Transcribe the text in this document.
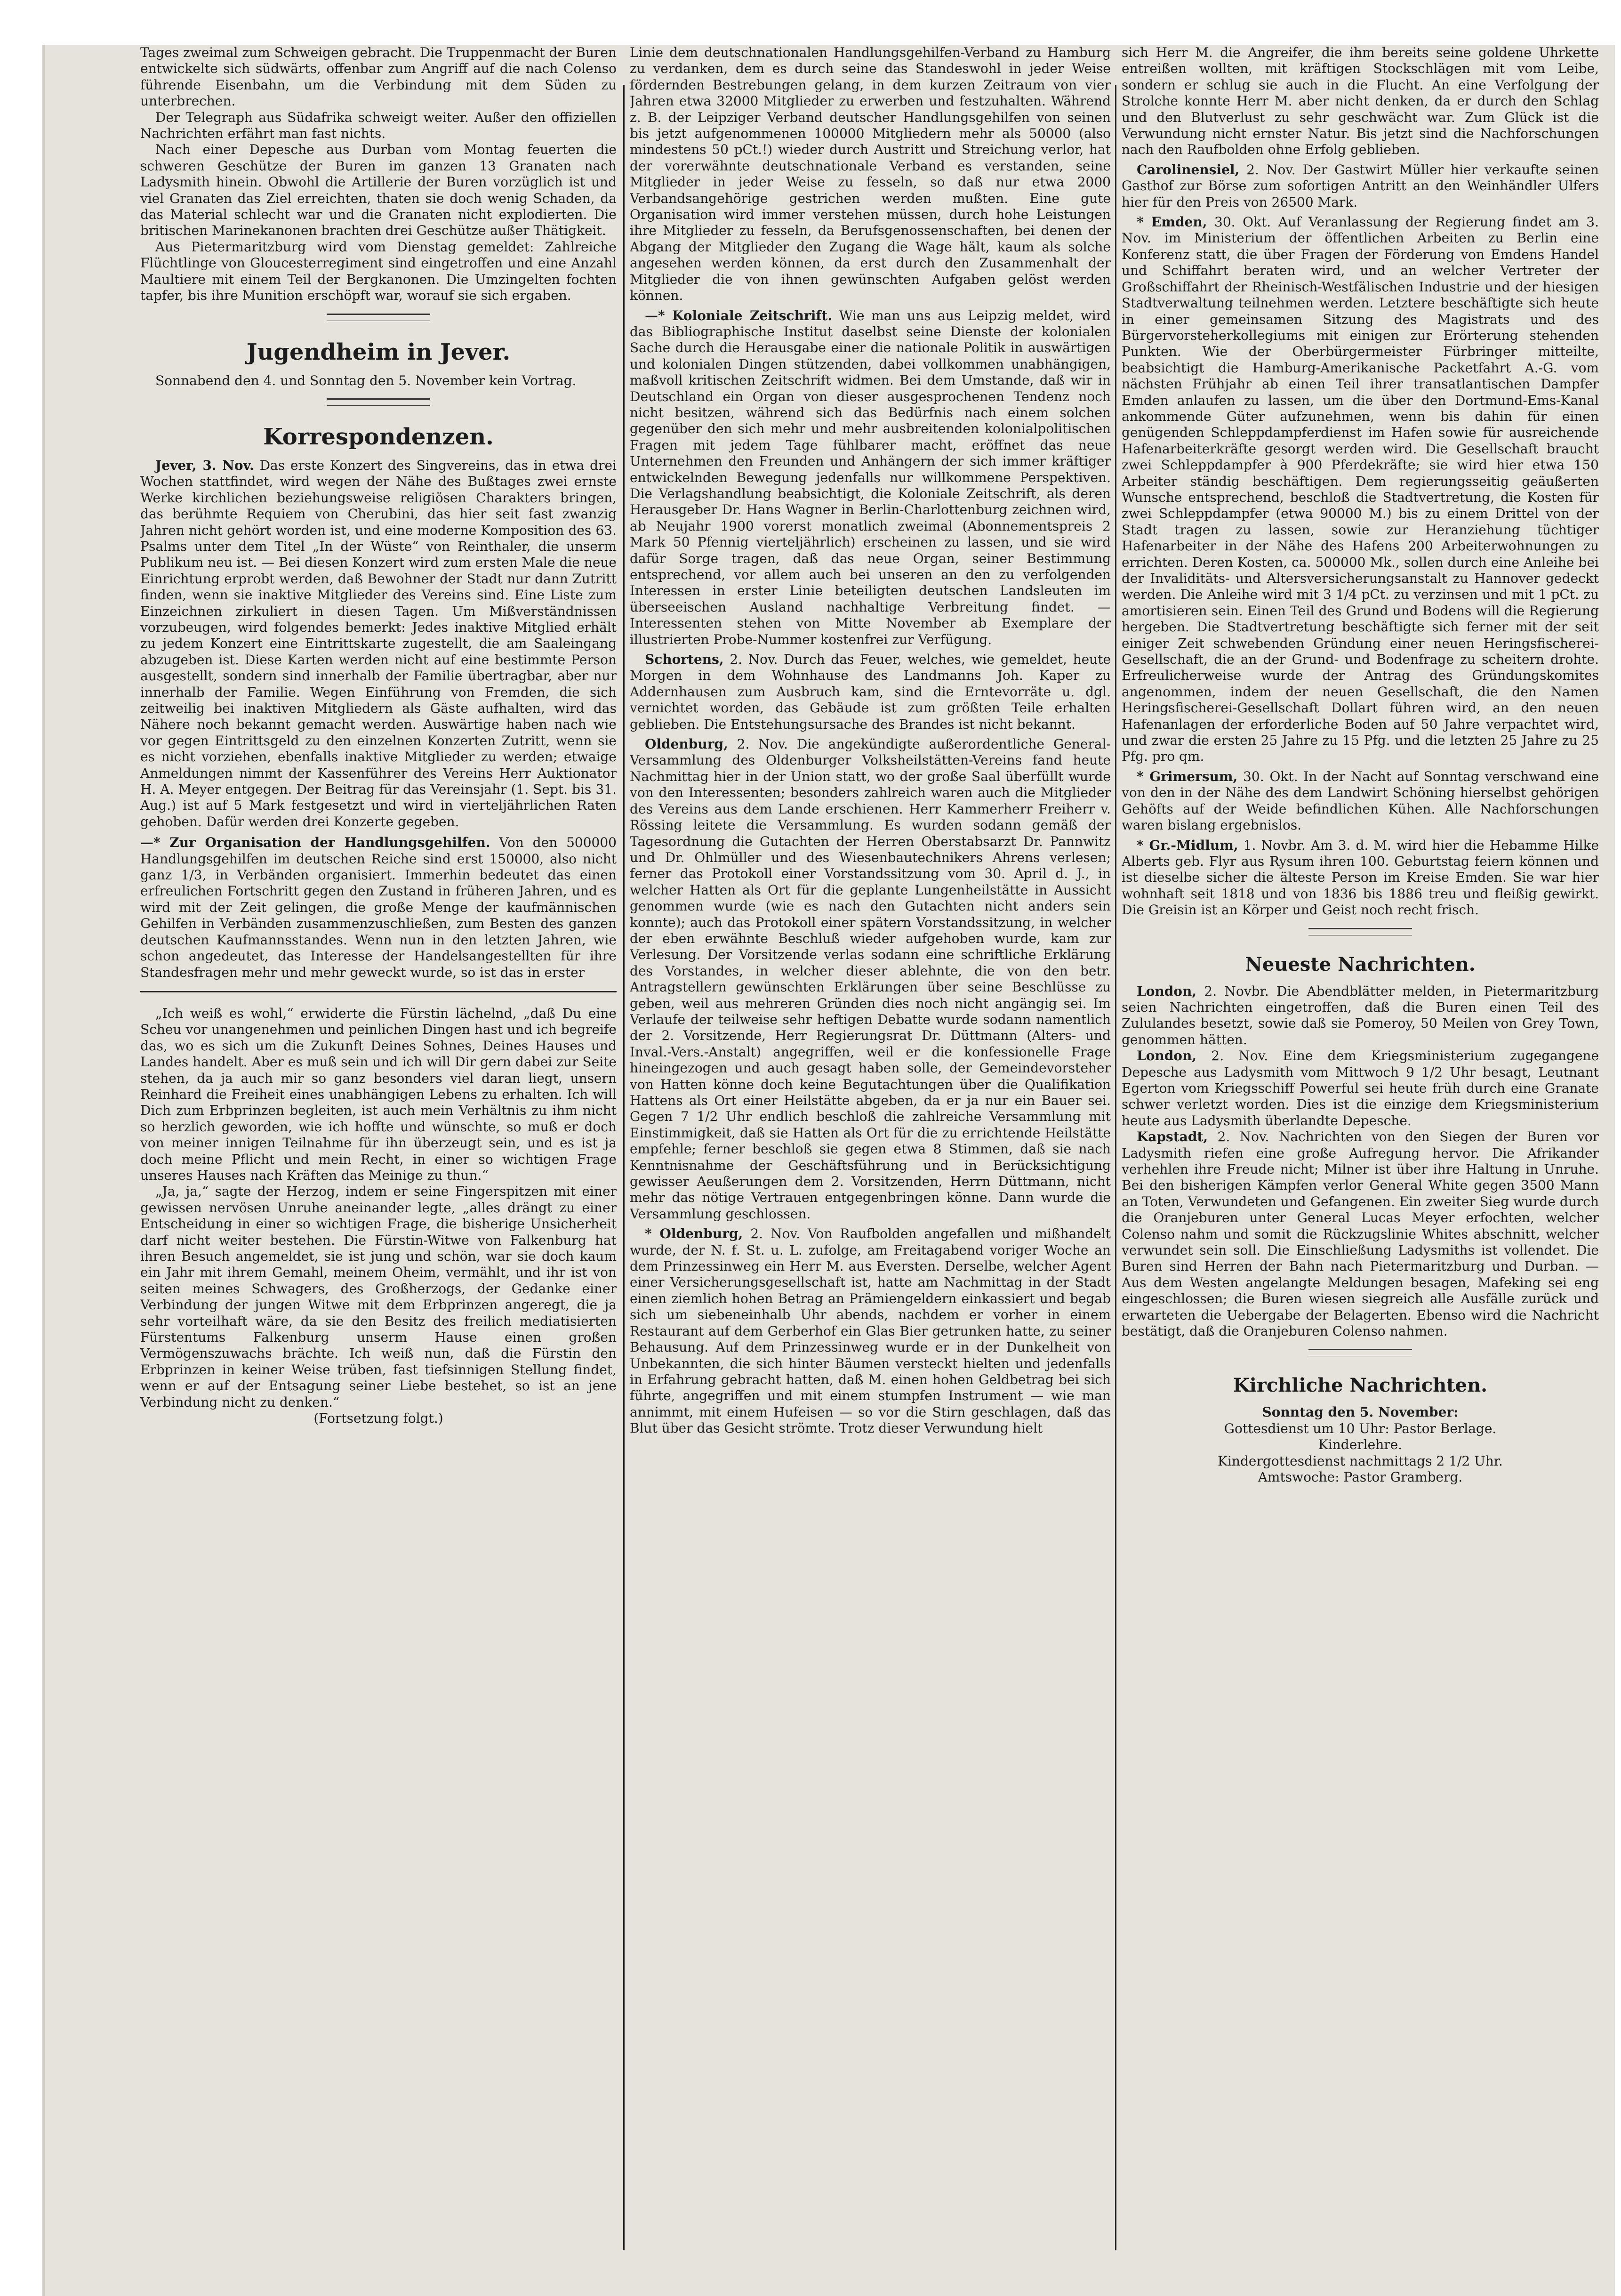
Tages zweimal zum Schweigen gebracht. Die Truppenmacht der Buren entwickelte sich südwärts, offenbar zum Angriff auf die nach Colenso führende Eisenbahn, um die Verbindung mit dem Süden zu unterbrechen.

Der Telegraph aus Südafrika schweigt weiter. Außer den offiziellen Nachrichten erfährt man fast nichts.

Nach einer Depesche aus Durban vom Montag feuerten die schweren Geschütze der Buren im ganzen 13 Granaten nach Ladysmith hinein. Obwohl die Artillerie der Buren vorzüglich ist und viel Granaten das Ziel erreichten, thaten sie doch wenig Schaden, da das Material schlecht war und die Granaten nicht explodierten. Die britischen Marinekanonen brachten drei Geschütze außer Thätigkeit.

Aus Pietermaritzburg wird vom Dienstag gemeldet: Zahlreiche Flüchtlinge von Gloucesterregiment sind eingetroffen und eine Anzahl Maultiere mit einem Teil der Bergkanonen. Die Umzingelten fochten tapfer, bis ihre Munition erschöpft war, worauf sie sich ergaben.

Jugendheim in Jever.

Sonnabend den 4. und Sonntag den 5. November kein Vortrag.

Korrespondenzen.

Jever, 3. Nov. Das erste Konzert des Singvereins, das in etwa drei Wochen stattfindet, wird wegen der Nähe des Bußtages zwei ernste Werke kirchlichen beziehungsweise religiösen Charakters bringen, das berühmte Requiem von Cherubini, das hier seit fast zwanzig Jahren nicht gehört worden ist, und eine moderne Komposition des 63. Psalms unter dem Titel „In der Wüste“ von Reinthaler, die unserm Publikum neu ist. — Bei diesen Konzert wird zum ersten Male die neue Einrichtung erprobt werden, daß Bewohner der Stadt nur dann Zutritt finden, wenn sie inaktive Mitglieder des Vereins sind. Eine Liste zum Einzeichnen zirkuliert in diesen Tagen. Um Mißverständnissen vorzubeugen, wird folgendes bemerkt: Jedes inaktive Mitglied erhält zu jedem Konzert eine Eintrittskarte zugestellt, die am Saaleingang abzugeben ist. Diese Karten werden nicht auf eine bestimmte Person ausgestellt, sondern sind innerhalb der Familie übertragbar, aber nur innerhalb der Familie. Wegen Einführung von Fremden, die sich zeitweilig bei inaktiven Mitgliedern als Gäste aufhalten, wird das Nähere noch bekannt gemacht werden. Auswärtige haben nach wie vor gegen Eintrittsgeld zu den einzelnen Konzerten Zutritt, wenn sie es nicht vorziehen, ebenfalls inaktive Mitglieder zu werden; etwaige Anmeldungen nimmt der Kassenführer des Vereins Herr Auktionator H. A. Meyer entgegen. Der Beitrag für das Vereinsjahr (1. Sept. bis 31. Aug.) ist auf 5 Mark festgesetzt und wird in vierteljährlichen Raten gehoben. Dafür werden drei Konzerte gegeben.

—* Zur Organisation der Handlungsgehilfen. Von den 500000 Handlungsgehilfen im deutschen Reiche sind erst 150000, also nicht ganz 1/3, in Verbänden organisiert. Immerhin bedeutet das einen erfreulichen Fortschritt gegen den Zustand in früheren Jahren, und es wird mit der Zeit gelingen, die große Menge der kaufmännischen Gehilfen in Verbänden zusammenzuschließen, zum Besten des ganzen deutschen Kaufmannsstandes. Wenn nun in den letzten Jahren, wie schon angedeutet, das Interesse der Handelsangestellten für ihre Standesfragen mehr und mehr geweckt wurde, so ist das in erster

„Ich weiß es wohl,“ erwiderte die Fürstin lächelnd, „daß Du eine Scheu vor unangenehmen und peinlichen Dingen hast und ich begreife das, wo es sich um die Zukunft Deines Sohnes, Deines Hauses und Landes handelt. Aber es muß sein und ich will Dir gern dabei zur Seite stehen, da ja auch mir so ganz besonders viel daran liegt, unsern Reinhard die Freiheit eines unabhängigen Lebens zu erhalten. Ich will Dich zum Erbprinzen begleiten, ist auch mein Verhältnis zu ihm nicht so herzlich geworden, wie ich hoffte und wünschte, so muß er doch von meiner innigen Teilnahme für ihn überzeugt sein, und es ist ja doch meine Pflicht und mein Recht, in einer so wichtigen Frage unseres Hauses nach Kräften das Meinige zu thun.“

„Ja, ja,“ sagte der Herzog, indem er seine Fingerspitzen mit einer gewissen nervösen Unruhe aneinander legte, „alles drängt zu einer Entscheidung in einer so wichtigen Frage, die bisherige Unsicherheit darf nicht weiter bestehen. Die Fürstin-Witwe von Falkenburg hat ihren Besuch angemeldet, sie ist jung und schön, war sie doch kaum ein Jahr mit ihrem Gemahl, meinem Oheim, vermählt, und ihr ist von seiten meines Schwagers, des Großherzogs, der Gedanke einer Verbindung der jungen Witwe mit dem Erbprinzen angeregt, die ja sehr vorteilhaft wäre, da sie den Besitz des freilich mediatisierten Fürstentums Falkenburg unserm Hause einen großen Vermögenszuwachs brächte. Ich weiß nun, daß die Fürstin den Erbprinzen in keiner Weise trüben, fast tiefsinnigen Stellung findet, wenn er auf der Entsagung seiner Liebe bestehet, so ist an jene Verbindung nicht zu denken.“

(Fortsetzung folgt.)

Linie dem deutschnationalen Handlungsgehilfen-Verband zu Hamburg zu verdanken, dem es durch seine das Standeswohl in jeder Weise fördernden Bestrebungen gelang, in dem kurzen Zeitraum von vier Jahren etwa 32000 Mitglieder zu erwerben und festzuhalten. Während z. B. der Leipziger Verband deutscher Handlungsgehilfen von seinen bis jetzt aufgenommenen 100000 Mitgliedern mehr als 50000 (also mindestens 50 pCt.!) wieder durch Austritt und Streichung verlor, hat der vorerwähnte deutschnationale Verband es verstanden, seine Mitglieder in jeder Weise zu fesseln, so daß nur etwa 2000 Verbandsangehörige gestrichen werden mußten. Eine gute Organisation wird immer verstehen müssen, durch hohe Leistungen ihre Mitglieder zu fesseln, da Berufsgenossenschaften, bei denen der Abgang der Mitglieder den Zugang die Wage hält, kaum als solche angesehen werden können, da erst durch den Zusammenhalt der Mitglieder die von ihnen gewünschten Aufgaben gelöst werden können.

—* Koloniale Zeitschrift. Wie man uns aus Leipzig meldet, wird das Bibliographische Institut daselbst seine Dienste der kolonialen Sache durch die Herausgabe einer die nationale Politik in auswärtigen und kolonialen Dingen stützenden, dabei vollkommen unabhängigen, maßvoll kritischen Zeitschrift widmen. Bei dem Umstande, daß wir in Deutschland ein Organ von dieser ausgesprochenen Tendenz noch nicht besitzen, während sich das Bedürfnis nach einem solchen gegenüber den sich mehr und mehr ausbreitenden kolonialpolitischen Fragen mit jedem Tage fühlbarer macht, eröffnet das neue Unternehmen den Freunden und Anhängern der sich immer kräftiger entwickelnden Bewegung jedenfalls nur willkommene Perspektiven. Die Verlagshandlung beabsichtigt, die Koloniale Zeitschrift, als deren Herausgeber Dr. Hans Wagner in Berlin-Charlottenburg zeichnen wird, ab Neujahr 1900 vorerst monatlich zweimal (Abonnementspreis 2 Mark 50 Pfennig vierteljährlich) erscheinen zu lassen, und sie wird dafür Sorge tragen, daß das neue Organ, seiner Bestimmung entsprechend, vor allem auch bei unseren an den zu verfolgenden Interessen in erster Linie beteiligten deutschen Landsleuten im überseeischen Ausland nachhaltige Verbreitung findet. — Interessenten stehen von Mitte November ab Exemplare der illustrierten Probe-Nummer kostenfrei zur Verfügung.

Schortens, 2. Nov. Durch das Feuer, welches, wie gemeldet, heute Morgen in dem Wohnhause des Landmanns Joh. Kaper zu Addernhausen zum Ausbruch kam, sind die Erntevorräte u. dgl. vernichtet worden, das Gebäude ist zum größten Teile erhalten geblieben. Die Entstehungsursache des Brandes ist nicht bekannt.

Oldenburg, 2. Nov. Die angekündigte außerordentliche General-Versammlung des Oldenburger Volksheilstätten-Vereins fand heute Nachmittag hier in der Union statt, wo der große Saal überfüllt wurde von den Interessenten; besonders zahlreich waren auch die Mitglieder des Vereins aus dem Lande erschienen. Herr Kammerherr Freiherr v. Rössing leitete die Versammlung. Es wurden sodann gemäß der Tagesordnung die Gutachten der Herren Oberstabsarzt Dr. Pannwitz und Dr. Ohlmüller und des Wiesenbautechnikers Ahrens verlesen; ferner das Protokoll einer Vorstandssitzung vom 30. April d. J., in welcher Hatten als Ort für die geplante Lungenheilstätte in Aussicht genommen wurde (wie es nach den Gutachten nicht anders sein konnte); auch das Protokoll einer spätern Vorstandssitzung, in welcher der eben erwähnte Beschluß wieder aufgehoben wurde, kam zur Verlesung. Der Vorsitzende verlas sodann eine schriftliche Erklärung des Vorstandes, in welcher dieser ablehnte, die von den betr. Antragstellern gewünschten Erklärungen über seine Beschlüsse zu geben, weil aus mehreren Gründen dies noch nicht angängig sei. Im Verlaufe der teilweise sehr heftigen Debatte wurde sodann namentlich der 2. Vorsitzende, Herr Regierungsrat Dr. Düttmann (Alters- und Inval.-Vers.-Anstalt) angegriffen, weil er die konfessionelle Frage hineingezogen und auch gesagt haben solle, der Gemeindevorsteher von Hatten könne doch keine Begutachtungen über die Qualifikation Hattens als Ort einer Heilstätte abgeben, da er ja nur ein Bauer sei. Gegen 7 1/2 Uhr endlich beschloß die zahlreiche Versammlung mit Einstimmigkeit, daß sie Hatten als Ort für die zu errichtende Heilstätte empfehle; ferner beschloß sie gegen etwa 8 Stimmen, daß sie nach Kenntnisnahme der Geschäftsführung und in Berücksichtigung gewisser Aeußerungen dem 2. Vorsitzenden, Herrn Düttmann, nicht mehr das nötige Vertrauen entgegenbringen könne. Dann wurde die Versammlung geschlossen.

* Oldenburg, 2. Nov. Von Raufbolden angefallen und mißhandelt wurde, der N. f. St. u. L. zufolge, am Freitagabend voriger Woche an dem Prinzessinweg ein Herr M. aus Eversten. Derselbe, welcher Agent einer Versicherungsgesellschaft ist, hatte am Nachmittag in der Stadt einen ziemlich hohen Betrag an Prämiengeldern einkassiert und begab sich um siebeneinhalb Uhr abends, nachdem er vorher in einem Restaurant auf dem Gerberhof ein Glas Bier getrunken hatte, zu seiner Behausung. Auf dem Prinzessinweg wurde er in der Dunkelheit von Unbekannten, die sich hinter Bäumen versteckt hielten und jedenfalls in Erfahrung gebracht hatten, daß M. einen hohen Geldbetrag bei sich führte, angegriffen und mit einem stumpfen Instrument — wie man annimmt, mit einem Hufeisen — so vor die Stirn geschlagen, daß das Blut über das Gesicht strömte. Trotz dieser Verwundung hielt

sich Herr M. die Angreifer, die ihm bereits seine goldene Uhrkette entreißen wollten, mit kräftigen Stockschlägen mit vom Leibe, sondern er schlug sie auch in die Flucht. An eine Verfolgung der Strolche konnte Herr M. aber nicht denken, da er durch den Schlag und den Blutverlust zu sehr geschwächt war. Zum Glück ist die Verwundung nicht ernster Natur. Bis jetzt sind die Nachforschungen nach den Raufbolden ohne Erfolg geblieben.

Carolinensiel, 2. Nov. Der Gastwirt Müller hier verkaufte seinen Gasthof zur Börse zum sofortigen Antritt an den Weinhändler Ulfers hier für den Preis von 26500 Mark.

* Emden, 30. Okt. Auf Veranlassung der Regierung findet am 3. Nov. im Ministerium der öffentlichen Arbeiten zu Berlin eine Konferenz statt, die über Fragen der Förderung von Emdens Handel und Schiffahrt beraten wird, und an welcher Vertreter der Großschiffahrt der Rheinisch-Westfälischen Industrie und der hiesigen Stadtverwaltung teilnehmen werden. Letztere beschäftigte sich heute in einer gemeinsamen Sitzung des Magistrats und des Bürgervorsteherkollegiums mit einigen zur Erörterung stehenden Punkten. Wie der Oberbürgermeister Fürbringer mitteilte, beabsichtigt die Hamburg-Amerikanische Packetfahrt A.-G. vom nächsten Frühjahr ab einen Teil ihrer transatlantischen Dampfer Emden anlaufen zu lassen, um die über den Dortmund-Ems-Kanal ankommende Güter aufzunehmen, wenn bis dahin für einen genügenden Schleppdampferdienst im Hafen sowie für ausreichende Hafenarbeiterkräfte gesorgt werden wird. Die Gesellschaft braucht zwei Schleppdampfer à 900 Pferdekräfte; sie wird hier etwa 150 Arbeiter ständig beschäftigen. Dem regierungsseitig geäußerten Wunsche entsprechend, beschloß die Stadtvertretung, die Kosten für zwei Schleppdampfer (etwa 90000 M.) bis zu einem Drittel von der Stadt tragen zu lassen, sowie zur Heranziehung tüchtiger Hafenarbeiter in der Nähe des Hafens 200 Arbeiterwohnungen zu errichten. Deren Kosten, ca. 500000 Mk., sollen durch eine Anleihe bei der Invaliditäts- und Altersversicherungsanstalt zu Hannover gedeckt werden. Die Anleihe wird mit 3 1/4 pCt. zu verzinsen und mit 1 pCt. zu amortisieren sein. Einen Teil des Grund und Bodens will die Regierung hergeben. Die Stadtvertretung beschäftigte sich ferner mit der seit einiger Zeit schwebenden Gründung einer neuen Heringsfischerei-Gesellschaft, die an der Grund- und Bodenfrage zu scheitern drohte. Erfreulicherweise wurde der Antrag des Gründungskomites angenommen, indem der neuen Gesellschaft, die den Namen Heringsfischerei-Gesellschaft Dollart führen wird, an den neuen Hafenanlagen der erforderliche Boden auf 50 Jahre verpachtet wird, und zwar die ersten 25 Jahre zu 15 Pfg. und die letzten 25 Jahre zu 25 Pfg. pro qm.

* Grimersum, 30. Okt. In der Nacht auf Sonntag verschwand eine von den in der Nähe des dem Landwirt Schöning hierselbst gehörigen Gehöfts auf der Weide befindlichen Kühen. Alle Nachforschungen waren bislang ergebnislos.

* Gr.-Midlum, 1. Novbr. Am 3. d. M. wird hier die Hebamme Hilke Alberts geb. Flyr aus Rysum ihren 100. Geburtstag feiern können und ist dieselbe sicher die älteste Person im Kreise Emden. Sie war hier wohnhaft seit 1818 und von 1836 bis 1886 treu und fleißig gewirkt. Die Greisin ist an Körper und Geist noch recht frisch.

Neueste Nachrichten.

London, 2. Novbr. Die Abendblätter melden, in Pietermaritzburg seien Nachrichten eingetroffen, daß die Buren einen Teil des Zululandes besetzt, sowie daß sie Pomeroy, 50 Meilen von Grey Town, genommen hätten.

London, 2. Nov. Eine dem Kriegsministerium zugegangene Depesche aus Ladysmith vom Mittwoch 9 1/2 Uhr besagt, Leutnant Egerton vom Kriegsschiff Powerful sei heute früh durch eine Granate schwer verletzt worden. Dies ist die einzige dem Kriegsministerium heute aus Ladysmith überlandte Depesche.

Kapstadt, 2. Nov. Nachrichten von den Siegen der Buren vor Ladysmith riefen eine große Aufregung hervor. Die Afrikander verhehlen ihre Freude nicht; Milner ist über ihre Haltung in Unruhe. Bei den bisherigen Kämpfen verlor General White gegen 3500 Mann an Toten, Verwundeten und Gefangenen. Ein zweiter Sieg wurde durch die Oranjeburen unter General Lucas Meyer erfochten, welcher Colenso nahm und somit die Rückzugslinie Whites abschnitt, welcher verwundet sein soll. Die Einschließung Ladysmiths ist vollendet. Die Buren sind Herren der Bahn nach Pietermaritzburg und Durban. — Aus dem Westen angelangte Meldungen besagen, Mafeking sei eng eingeschlossen; die Buren wiesen siegreich alle Ausfälle zurück und erwarteten die Uebergabe der Belagerten. Ebenso wird die Nachricht bestätigt, daß die Oranjeburen Colenso nahmen.

Kirchliche Nachrichten.

Sonntag den 5. November:

Gottesdienst um 10 Uhr: Pastor Berlage.

Kinderlehre.

Kindergottesdienst nachmittags 2 1/2 Uhr.

Amtswoche: Pastor Gramberg.
